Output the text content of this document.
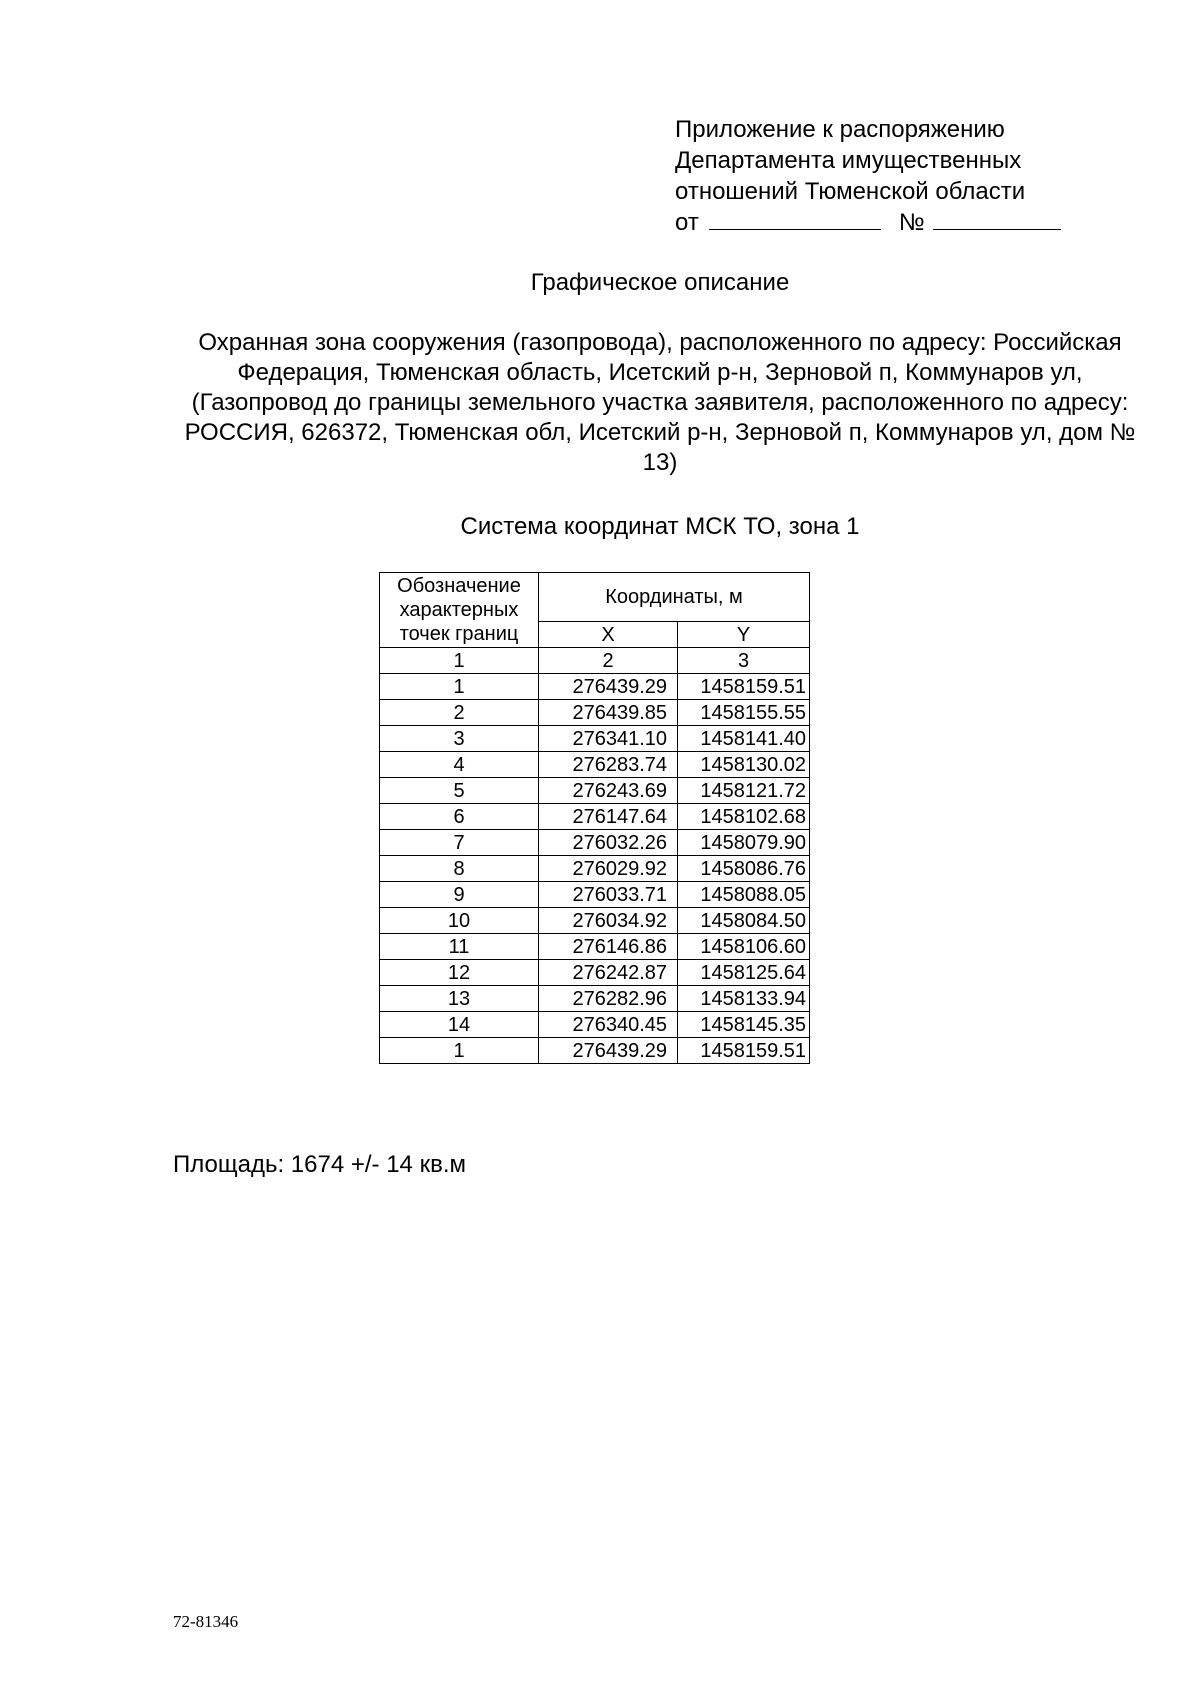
Приложение к распоряжению
Департамента имущественных
отношений Тюменской области
от	№
Графическое описание

Охранная зона сооружения (газопровода), расположенного по адресу: Российская Федерация, Тюменская область, Исетский р-н, Зерновой п, Коммунаров ул, (Газопровод до границы земельного участка заявителя, расположенного по адресу: РОССИЯ, 626372, Тюменская обл, Исетский р-н, Зерновой п, Коммунаров ул, дом № 13)

Система координат МСК ТО, зона 1
Обозначение характерных точек границ	Координаты, м	
	X	Y
1	2	3
1	276439.29	1458159.51
2	276439.85	1458155.55
3	276341.10	1458141.40
4	276283.74	1458130.02
5	276243.69	1458121.72
6	276147.64	1458102.68
7	276032.26	1458079.90
8	276029.92	1458086.76
9	276033.71	1458088.05
10	276034.92	1458084.50
11	276146.86	1458106.60
12	276242.87	1458125.64
13	276282.96	1458133.94
14	276340.45	1458145.35
1	276439.29	1458159.51
Площадь: 1674 +/- 14 кв.м
72-81346
